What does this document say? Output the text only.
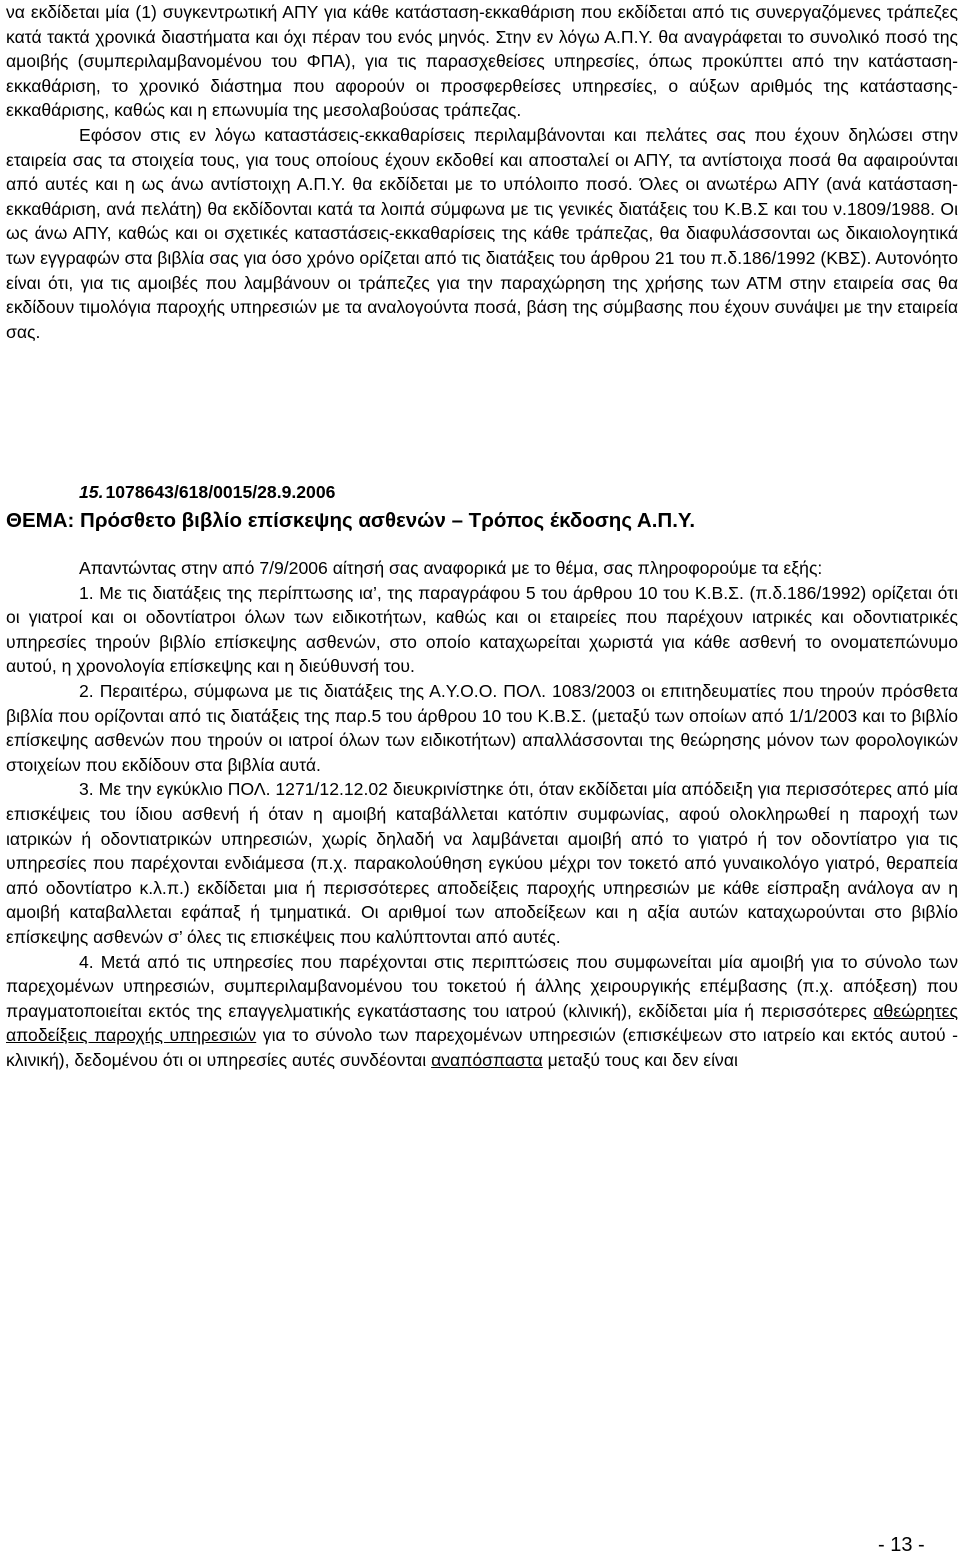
να εκδίδεται μία (1) συγκεντρωτική ΑΠΥ για κάθε κατάσταση-εκκαθάριση που εκδίδεται από τις συνεργαζόμενες τράπεζες κατά τακτά χρονικά διαστήματα και όχι πέραν του ενός μηνός. Στην εν λόγω Α.Π.Υ. θα αναγράφεται το συνολικό ποσό της αμοιβής (συμπεριλαμβανομένου του ΦΠΑ), για τις παρασχεθείσες υπηρεσίες, όπως προκύπτει από την κατάσταση-εκκαθάριση, το χρονικό διάστημα που αφορούν οι προσφερθείσες υπηρεσίες, ο αύξων αριθμός της κατάστασης-εκκαθάρισης, καθώς και η επωνυμία της μεσολαβούσας τράπεζας.

Εφόσον στις εν λόγω καταστάσεις-εκκαθαρίσεις περιλαμβάνονται και πελάτες σας που έχουν δηλώσει στην εταιρεία σας τα στοιχεία τους, για τους οποίους έχουν εκδοθεί και αποσταλεί οι ΑΠΥ, τα αντίστοιχα ποσά θα αφαιρούνται από αυτές και η ως άνω αντίστοιχη Α.Π.Υ. θα εκδίδεται με το υπόλοιπο ποσό. Όλες οι ανωτέρω ΑΠΥ (ανά κατάσταση-εκκαθάριση, ανά πελάτη) θα εκδίδονται κατά τα λοιπά σύμφωνα με τις γενικές διατάξεις του Κ.Β.Σ και του ν.1809/1988. Οι ως άνω ΑΠΥ, καθώς και οι σχετικές καταστάσεις-εκκαθαρίσεις της κάθε τράπεζας, θα διαφυλάσσονται ως δικαιολογητικά των εγγραφών στα βιβλία σας για όσο χρόνο ορίζεται από τις διατάξεις του άρθρου 21 του π.δ.186/1992 (ΚΒΣ). Αυτονόητο είναι ότι, για τις αμοιβές που λαμβάνουν οι τράπεζες για την παραχώρηση της χρήσης των ΑΤΜ στην εταιρεία σας θα εκδίδουν τιμολόγια παροχής υπηρεσιών με τα αναλογούντα ποσά, βάση της σύμβασης που έχουν συνάψει με την εταιρεία σας.

15. 1078643/618/0015/28.9.2006
ΘΕΜΑ: Πρόσθετο βιβλίο επίσκεψης ασθενών – Τρόπος έκδοσης Α.Π.Υ.

Απαντώντας στην από 7/9/2006 αίτησή σας αναφορικά με το θέμα, σας πληροφορούμε τα εξής:

1. Με τις διατάξεις της περίπτωσης ια’, της παραγράφου 5 του άρθρου 10 του Κ.Β.Σ. (π.δ.186/1992) ορίζεται ότι οι γιατροί και οι οδοντίατροι όλων των ειδικοτήτων, καθώς και οι εταιρείες που παρέχουν ιατρικές και οδοντιατρικές υπηρεσίες τηρούν βιβλίο επίσκεψης ασθενών, στο οποίο καταχωρείται χωριστά για κάθε ασθενή το ονοματεπώνυμο αυτού, η χρονολογία επίσκεψης και η διεύθυνσή του.

2. Περαιτέρω, σύμφωνα με τις διατάξεις της Α.Υ.Ο.Ο. ΠΟΛ. 1083/2003 οι επιτηδευματίες που τηρούν πρόσθετα βιβλία που ορίζονται από τις διατάξεις της παρ.5 του άρθρου 10 του Κ.Β.Σ. (μεταξύ των οποίων από 1/1/2003 και το βιβλίο επίσκεψης ασθενών που τηρούν οι ιατροί όλων των ειδικοτήτων) απαλλάσσονται της θεώρησης μόνον των φορολογικών στοιχείων που εκδίδουν στα βιβλία αυτά.

3. Με την εγκύκλιο ΠΟΛ. 1271/12.12.02 διευκρινίστηκε ότι, όταν εκδίδεται μία απόδειξη για περισσότερες από μία επισκέψεις του ίδιου ασθενή ή όταν η αμοιβή καταβάλλεται κατόπιν συμφωνίας, αφού ολοκληρωθεί η παροχή των ιατρικών ή οδοντιατρικών υπηρεσιών, χωρίς δηλαδή να λαμβάνεται αμοιβή από το γιατρό ή τον οδοντίατρο για τις υπηρεσίες που παρέχονται ενδιάμεσα (π.χ. παρακολούθηση εγκύου μέχρι τον τοκετό από γυναικολόγο γιατρό, θεραπεία από οδοντίατρο κ.λ.π.) εκδίδεται μια ή περισσότερες αποδείξεις παροχής υπηρεσιών με κάθε είσπραξη ανάλογα αν η αμοιβή καταβαλλεται εφάπαξ ή τμηματικά. Οι αριθμοί των αποδείξεων και η αξία αυτών καταχωρούνται στο βιβλίο επίσκεψης ασθενών σ’ όλες τις επισκέψεις που καλύπτονται από αυτές.

4. Μετά από τις υπηρεσίες που παρέχονται στις περιπτώσεις που συμφωνείται μία αμοιβή για το σύνολο των παρεχομένων υπηρεσιών, συμπεριλαμβανομένου του τοκετού ή άλλης χειρουργικής επέμβασης (π.χ. απόξεση) που πραγματοποιείται εκτός της επαγγελματικής εγκατάστασης του ιατρού (κλινική), εκδίδεται μία ή περισσότερες αθεώρητες αποδείξεις παροχής υπηρεσιών για το σύνολο των παρεχομένων υπηρεσιών (επισκέψεων στο ιατρείο και εκτός αυτού - κλινική), δεδομένου ότι οι υπηρεσίες αυτές συνδέονται αναπόσπαστα μεταξύ τους και δεν είναι

- 13 -
